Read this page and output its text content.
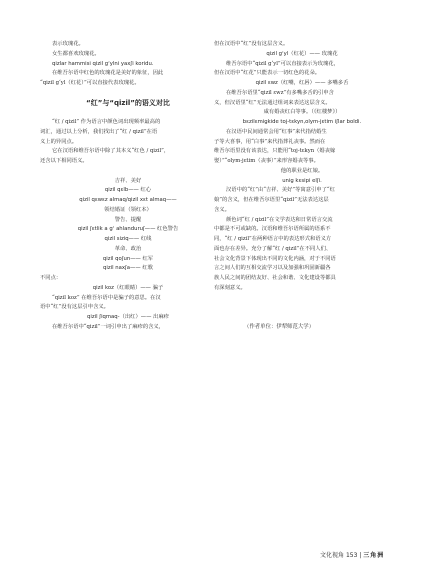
表示玫瑰花。
女生都喜欢玫瑰花。
qizlar hammisi qizil gʻylni yaxʃi koridu.
在维吾尔语中红色的玫瑰花是美好的象征，因此
“qizil gʻyl（红花）”可以直接代表玫瑰花。
“红”与“qizil”的语义对比
“红 / qizil” 作为语言中颜色词出现频率最高的
词汇，通过以上分析，我们找出了“红 / qizil”在语
义上的异同点。
它在汉语和维吾尔语中除了其本义“红色 / qizil”，
还含以下相同语义。
吉祥、美好
qizil qɛlb—— 红心
qizil qɛwɛz almaq/qizil xɛt almaq——
领结婚证（领红本）
警告、提醒
qizil ʃɛtlik a gʻ ahlanduruʃ—— 红色警告
qizil siziq—— 红线
革命、政治
qizil qoʃun—— 红军
qizil naxʃa—— 红歌
不同点：
qizil koz（红眼睛）—— 骗子
“qizil koz” 在维吾尔语中是骗子的意思。在汉
语中“红”没有这层引申含义。
qizil ʃiqmaq-（出红）—— 出麻疹
在维吾尔语中“qizil”一词引申出了麻疹的含义，
但在汉语中“红”没有这层含义。
qizil gʻyl（红花）—— 玫瑰花
维吾尔语中“qizil gʻyl”可以直接表示为玫瑰花，
但在汉语中“红花”只能表示一切红色的花朵。
qizil ɛwz（红嘴，红唇）—— 多嘴多舌
在维吾尔语里“qizil ɛwz”有多嘴多舌的引申含
义，但汉语里“红”无法通过组词来表达这层含义。
咸有婚丧红白等事。（《红楼梦》）
bɛzilɛmiɡkide toj-tɛkyn,olym-jɛtim iʃlar boldi.
在汉语中民间通常会用“红事”来代指结婚生
子等大喜事，用“白事”来代指葬礼丧事。然而在
维吾尔语里没有该表达，只能用“toj-tɛkyn（婚丧嫁
娶）”“olym-jɛtim（丧事）”来形容婚丧等事。
他的职业是红娘。
uniɡ kɛsipi elʃi.
汉语中的“红”由“吉祥、美好”等寓意引申了“红
娘”的含义，但在维吾尔语里“qizil”无法表达这层
含义。
颜色词“红 / qizil”在文学表达和日常语言交流
中都是不可或缺的。汉语和维吾尔语所属的语系不
同，“红 / qizil”在两种语言中的表达形式和语义方
面也存在差异。充分了解“红 / qizil”在不同人们、
社会文化背景下体现出不同的文化内涵，对于不同语
言之间人们的互相交流学习以及加强和巩固新疆各
族人民之间的团结友好、社会和谐、文化建设等都具
有深刻意义。
（作者单位：伊犁师范大学）
文化视角 153 | 三角洲
